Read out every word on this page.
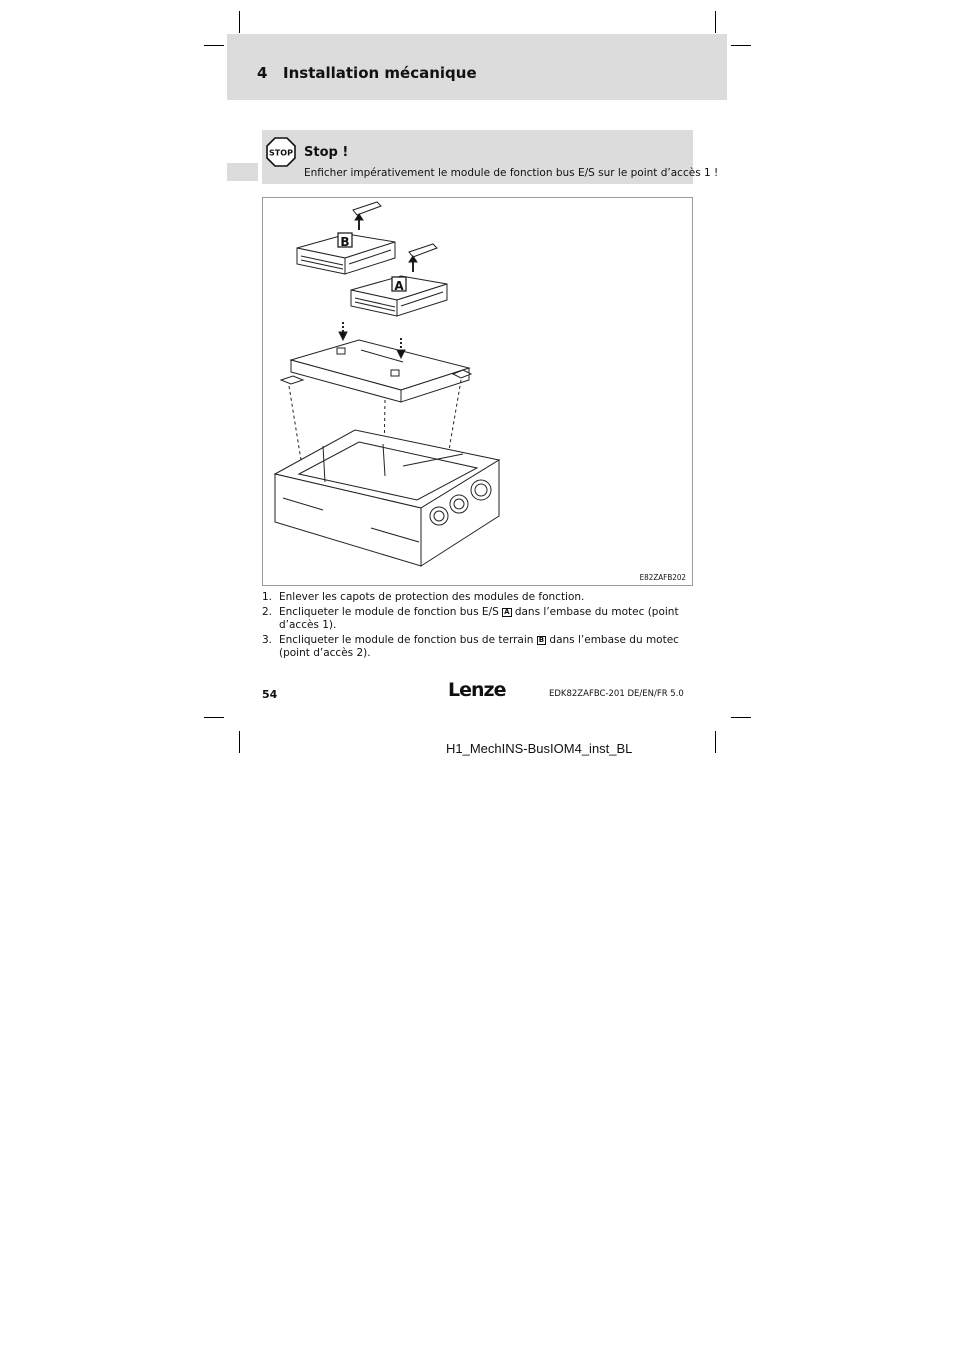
4 Installation mécanique
STOP Stop !
Enficher impérativement le module de fonction bus E/S sur le point d’accès 1 !
B
A
E82ZAFB202
1. Enlever les capots de protection des modules de fonction.
2. Encliqueter le module de fonction bus E/S A dans l’embase du motec (point d’accès 1).
3. Encliqueter le module de fonction bus de terrain B dans l’embase du motec (point d’accès 2).
54	Lenze	EDK82ZAFBC-201 DE/EN/FR 5.0
H1_MechINS-BusIOM4_inst_BL
